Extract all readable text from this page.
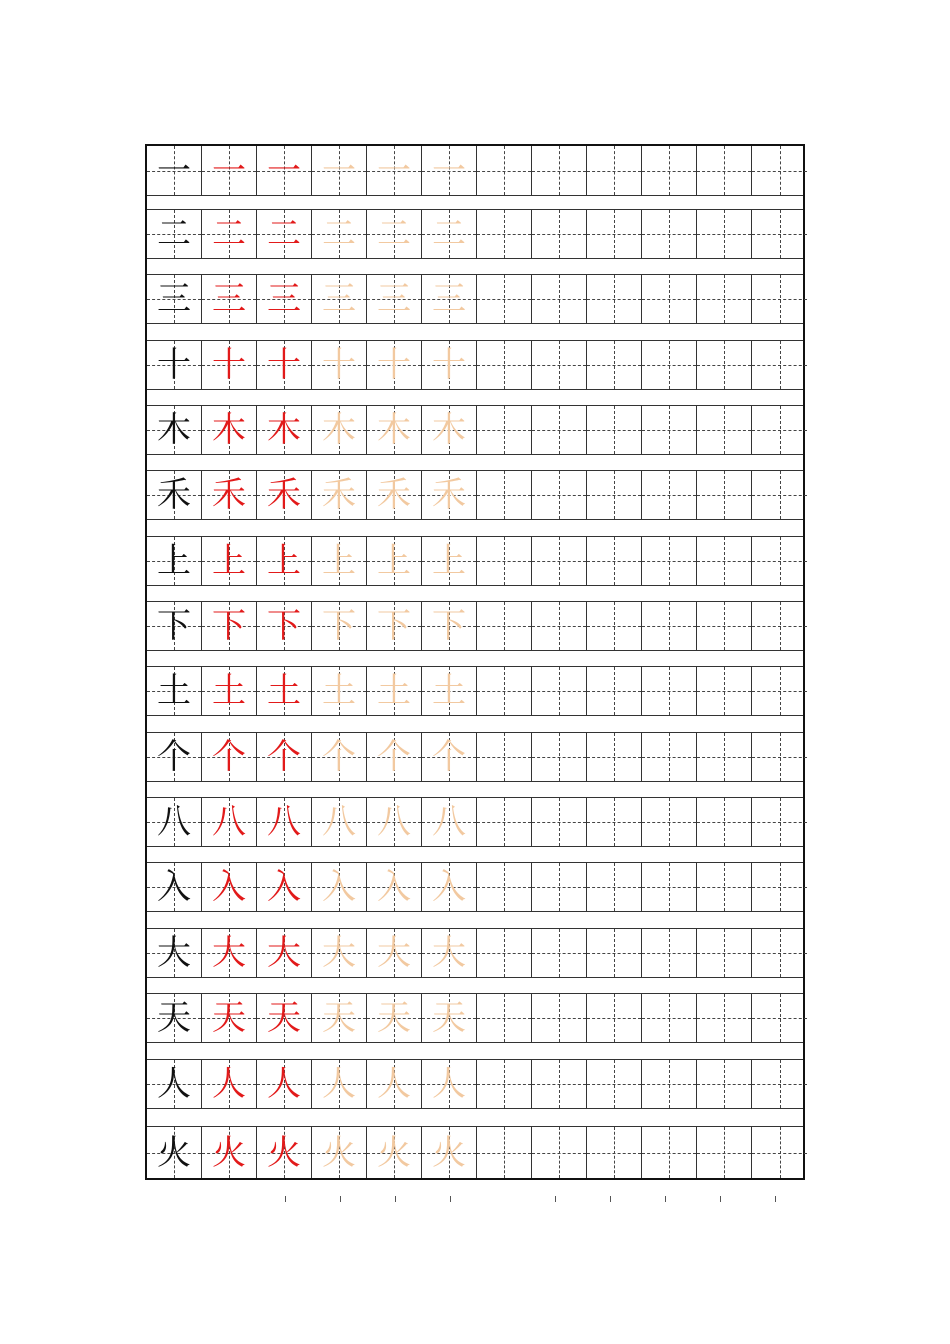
一 一 一 一 一 一
二 二 二 二 二 二
三 三 三 三 三 三
十 十 十 十 十 十
木 木 木 木 木 木
禾 禾 禾 禾 禾 禾
上 上 上 上 上 上
下 下 下 下 下 下
土 土 土 土 土 土
个 个 个 个 个 个
八 八 八 八 八 八
入 入 入 入 入 入
大 大 大 大 大 大
天 天 天 天 天 天
人 人 人 人 人 人
火 火 火 火 火 火
